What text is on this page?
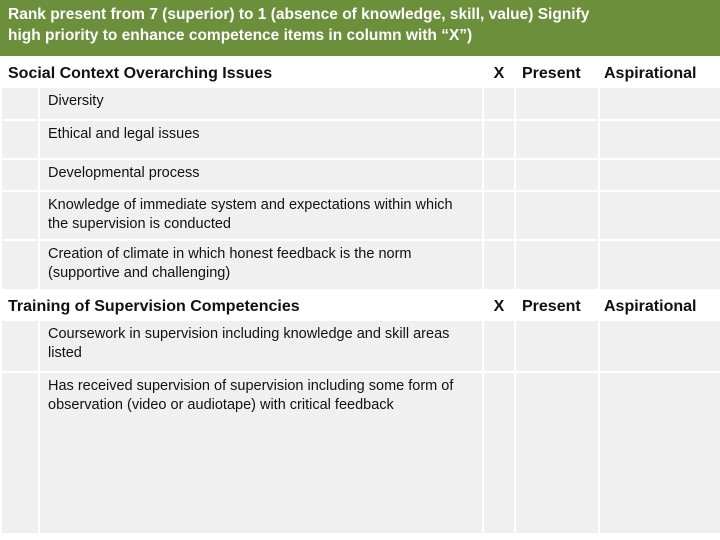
Rank present from 7 (superior) to 1 (absence of knowledge, skill, value) Signify
high priority to enhance competence items in column with “X”)
Social Context Overarching Issues		X	Present	Aspirational
	Diversity			
	Ethical and legal issues			
	Developmental process			
	Knowledge of immediate system and expectations within which the supervision is conducted			
	Creation of climate in which honest feedback is the norm (supportive and challenging)			
Training of Supervision Competencies		X	Present	Aspirational
	Coursework in supervision including knowledge and skill areas listed			
	Has received supervision of supervision including some form of observation (video or audiotape) with critical feedback			
